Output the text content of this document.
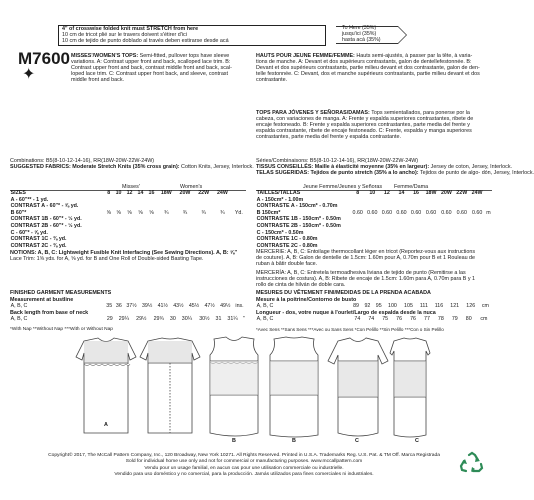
4" of crosswise folded knit must STRETCH from here
10 cm de tricot plié sur le travers doivent s'étirer d'ici
10 cm de tejido de punto doblado al través deben estirarse desde acá
To Here (35%)
jusqu'ici (35%)
hasta acá (35%)
M7600
✦
MISSES'/WOMEN'S TOPS: Semi-fitted, pullover tops have sleeve
variations. A: Contrast upper front and back, scalloped lace trim. B:
Contrast upper front and back, contrast middle front and back, scal-
loped lace trim. C: Contrast upper front back, and sleeve, contrast
middle front and back.
HAUTS POUR JEUNE FEMME/FEMME: Hauts semi-ajustés, à passer par la tête, à varia-
tions de manche. A: Devant et dos supérieurs contrastants, galon de dentellefestonnée. B:
Devant et dos supérieurs contrastants, partie milieu devant et dos contrastante, galon de den-
telle festonnée. C: Devant, dos et manche supérieurs contrastants, partie milieu devant et dos
contrastante.
TOPS PARA JÓVENES Y SEÑORAS/DAMAS: Tops semientallados, para ponerse por la
cabeza, con variaciones de manga. A: Frente y espalda superiores contrastantes, ribete de
encaje festoneado. B: Frente y espalda superiores contrastantes, parte media del frente y
espalda contrastante, ribete de encaje festoneado. C: Frente, espalda y manga superiores
contrastantes, parte media del frente y espalda contrastante.
Combinations: B5(8-10-12-14-16), RR(18W-20W-22W-24W)
SUGGESTED FABRICS: Moderate Stretch Knits (35% cross grain): Cotton Knits, Jersey, Interlock.
Séries/Combinaisons: B5(8-10-12-14-16), RR(18W-20W-22W-24W)
TISSUS CONSEILLÉS: Maille à élasticité moyenne (35% en largeur): Jersey de coton, Jersey, Interlock.
TELAS SUGERIDAS: Tejidos de punto stretch (35% a lo ancho): Tejidos de punto de algo- dón, Jersey, Interlock.
Misses'	Women's
SIZES	8	10	12	14	16	18W	20W	22W	24W	
A - 60"** - 1 yd.										
CONTRAST A - 60"* - ⅝ yd.										
B 60"*	⅝	⅝	⅝	⅝	⅝	¾	¾	¾	¾	Yd.
CONTRAST 1B - 60"* - ½ yd.										
CONTRAST 2B - 60"* - ½ yd.										
C - 60"* - ⅝ yd.										
CONTRAST 1C - ⅜ yd.										
CONTRAST 2C - ⅜ yd.										
Jeune Femme/Jeunes y Señoras Femme/Dama
TAILLES/TALLAS	8	10	12	14	16	18W	20W	22W	24W	
A - 150cm* - 1.00m										
CONTRASTE A - 150cm* - 0.70m										
B 150cm*	0.60	0.60	0.60	0.60	0.60	0.60	0.60	0.60	0.60	m
CONTRASTE 1B - 150cm* - 0.50m										
CONTRASTE 2B - 150cm* - 0.50m										
C - 150cm* - 0.50m										
CONTRASTE 1C - 0.80m										
CONTRASTE 2C - 0.80m										
NOTIONS: A, B, C: Lightweight Fusible Knit Interfacing (See Sewing Directions). A, B: ⅝"
Lace Trim: 1⅝ yds. for A, ⅝ yd. for B and One Roll of Double-sided Basting Tape.
MERCERIE: A, B, C: Entoilage thermocollant léger en tricot (Reportez-vous aux instructions
de couture). A, B: Galon de dentelle de 1.5cm: 1.60m pour A, 0.70m pour B et 1 Rouleau de
ruban à bâtir double face.
MERCERÍA: A, B, C: Entretela termoadhesiva liviana de tejido de punto (Remitirse a las
instrucciones de costura). A, B: Ribete de encaje de 1.5cm: 1.60m para A, 0.70m para B y 1
rollo de cinta de hilván de doble cara.
FINISHED GARMENT MEASUREMENTS
Measurement at bustline
A, B, C	35	36	37½	39½	41½	43½	45½	47½	49½	ins.
Back length from base of neck
A, B, C	29	29¼	29½	29¾	30	30¼	30½	31	31¼	"
*With Nap **Without Nap ***With or Without Nap
MESURES DU VÊTEMENT FINI/MEDIDAS DE LA PRENDA ACABADA
Mesure à la poitrine/Contorno de busto
A, B, C	89	92	95	100	105	111	116	121	126	cm
Longueur - dos, votre nuque à l'ourlet/Largo de espalda desde la nuca
A, B, C	74	74	75	76	76	77	78	79	80	cm
*Avec Sens **Sans Sens ***Avec ou Sans Sens *Con Pelillo **Sin Pelillo ***Con o Sin Pelillo
A
B	B	C	C
Copyright© 2017, The McCall Pattern Company, Inc., 120 Broadway, New York 10271. All Rights Reserved. Printed in U.S.A. Trademarks Reg. U.S. Pat. & TM Off. Marca Registrada
Sold for individual home use only and not for commercial or manufacturing purposes. www.mccallpattern.com
Vendu pour un usage familial, en aucun cas pour une utilisation commerciale ou industrielle.
Vendido para uso doméstico y no comercial, para la producción. Jamás utilizados para fines comerciales ni industriales.
